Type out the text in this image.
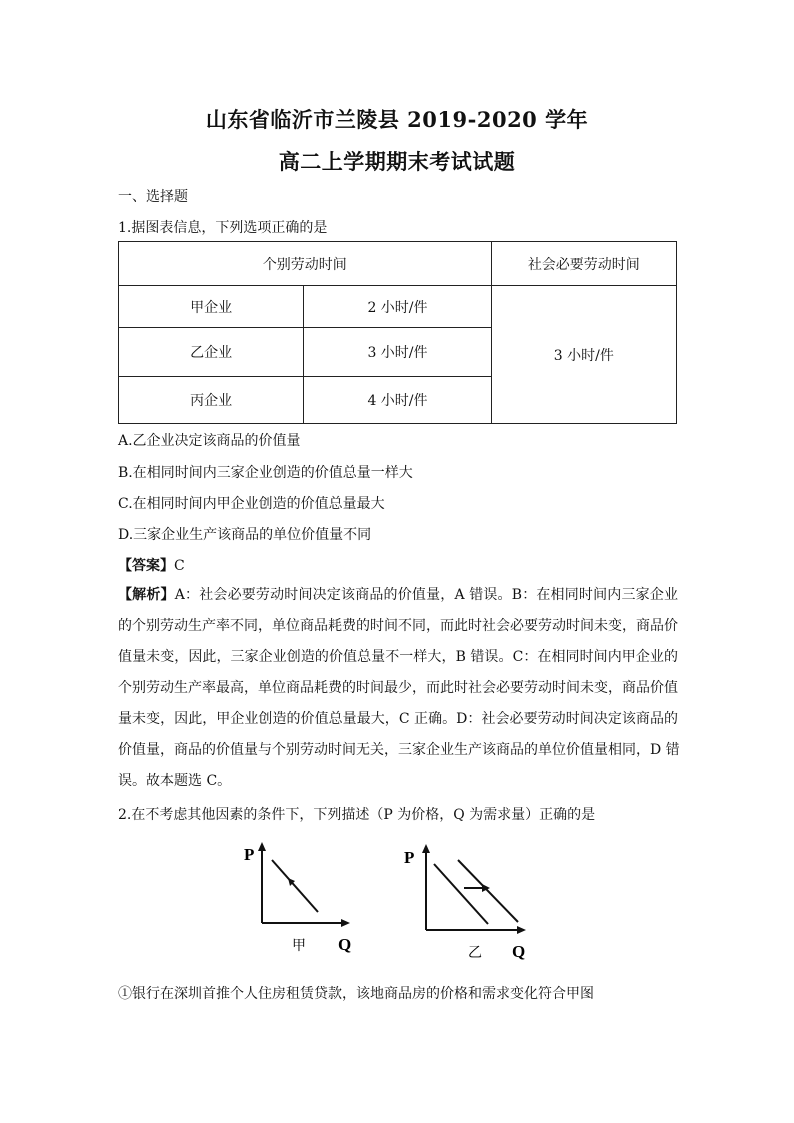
山东省临沂市兰陵县 2019-2020 学年
高二上学期期末考试试题
一、选择题
1.据图表信息，下列选项正确的是
个别劳动时间		社会必要劳动时间
甲企业	2 小时/件	3 小时/件
乙企业	3 小时/件	
丙企业	4 小时/件	
A.乙企业决定该商品的价值量
B.在相同时间内三家企业创造的价值总量一样大
C.在相同时间内甲企业创造的价值总量最大
D.三家企业生产该商品的单位价值量不同
【答案】C
【解析】A：社会必要劳动时间决定该商品的价值量，A 错误。B：在相同时间内三家企业
的个别劳动生产率不同，单位商品耗费的时间不同，而此时社会必要劳动时间未变，商品价
值量未变，因此，三家企业创造的价值总量不一样大，B 错误。C：在相同时间内甲企业的
个别劳动生产率最高，单位商品耗费的时间最少，而此时社会必要劳动时间未变，商品价值
量未变，因此，甲企业创造的价值总量最大，C 正确。D：社会必要劳动时间决定该商品的
价值量，商品的价值量与个别劳动时间无关，三家企业生产该商品的单位价值量相同，D 错
误。故本题选 C。
2.在不考虑其他因素的条件下，下列描述（P 为价格，Q 为需求量）正确的是
P
Q
甲
P
Q
乙
①银行在深圳首推个人住房租赁贷款，该地商品房的价格和需求变化符合甲图
